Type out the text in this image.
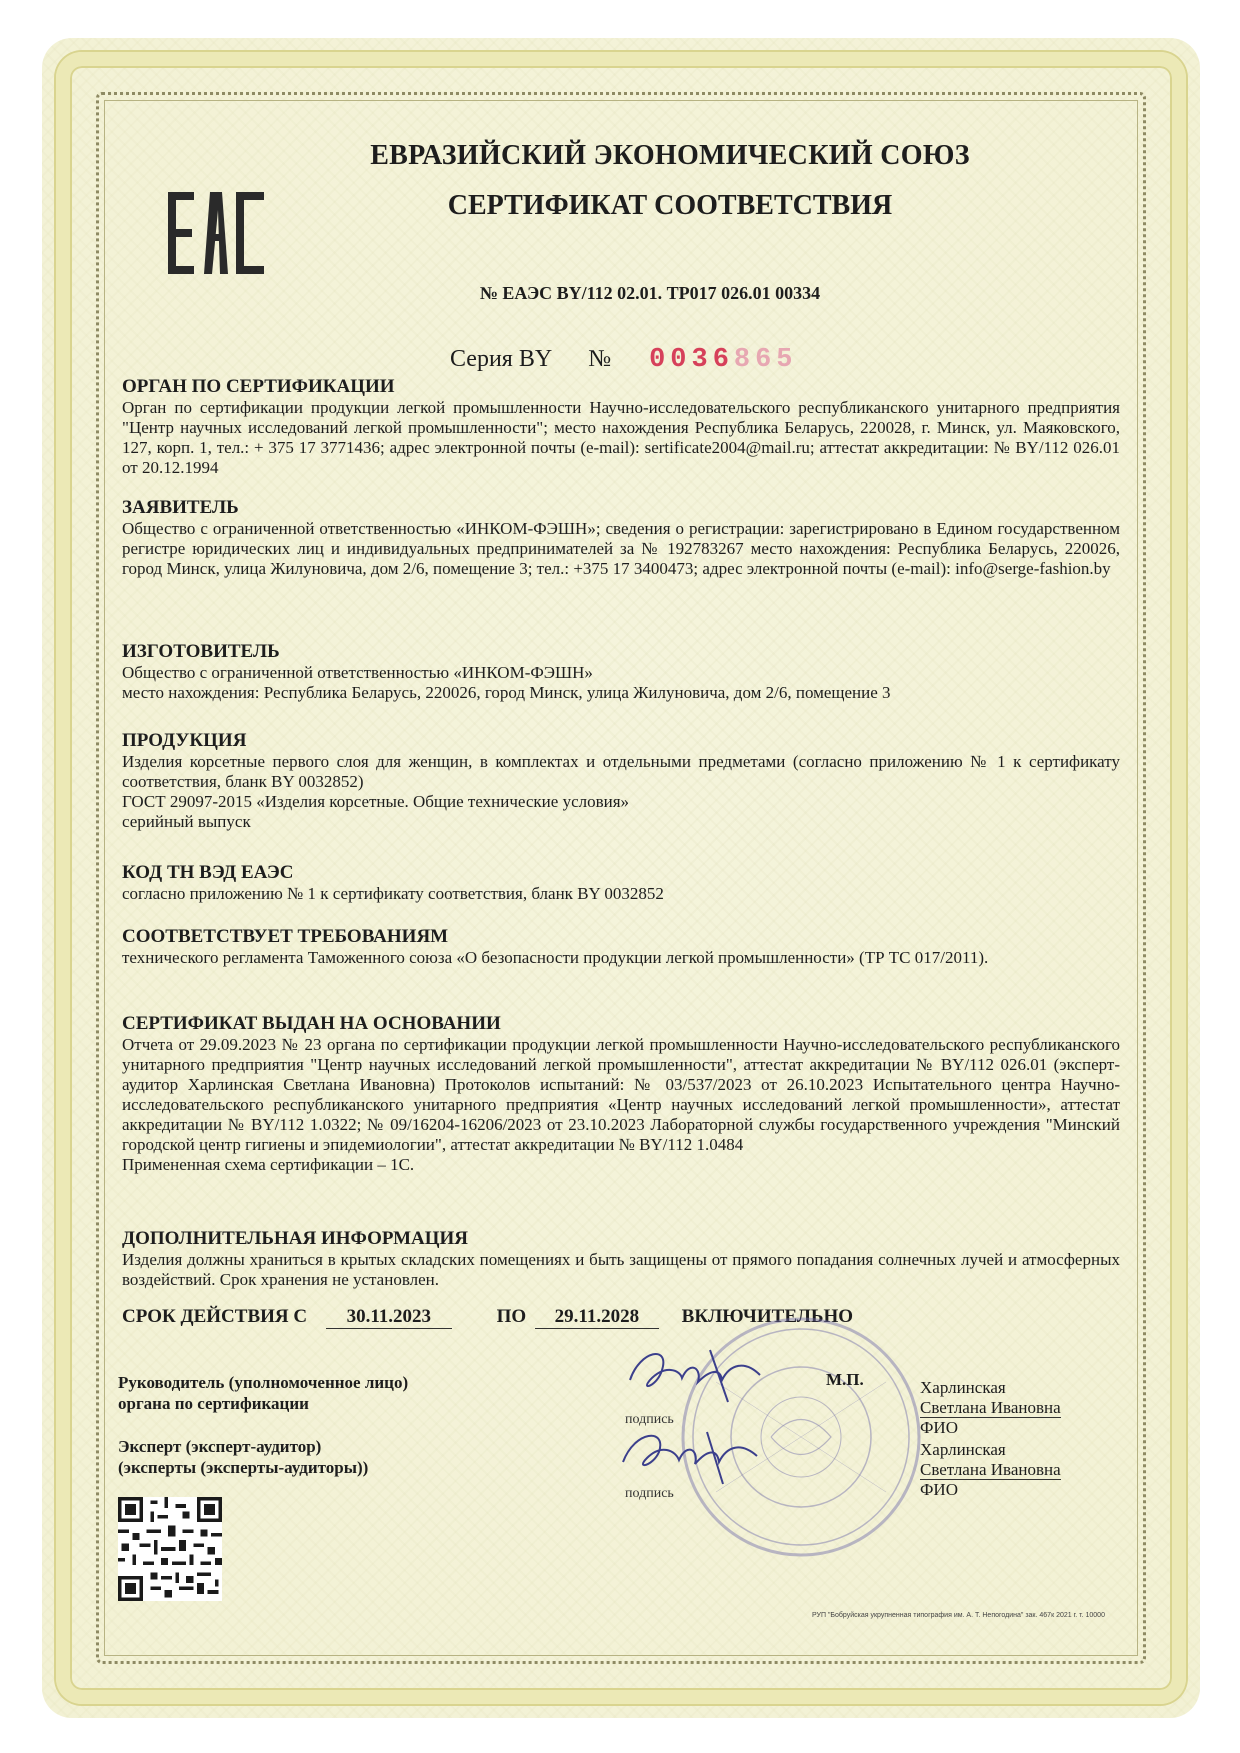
ЕВРАЗИЙСКИЙ ЭКОНОМИЧЕСКИЙ СОЮЗ
СЕРТИФИКАТ СООТВЕТСТВИЯ
№ ЕАЭС BY/112 02.01. ТР017 026.01 00334
Серия BY № 0036865
ОРГАН ПО СЕРТИФИКАЦИИ
Орган по сертификации продукции легкой промышленности Научно-исследовательского республиканского унитарного предприятия "Центр научных исследований легкой промышленности"; место нахождения Республика Беларусь, 220028, г. Минск, ул. Маяковского, 127, корп. 1, тел.: + 375 17 3771436; адрес электронной почты (e-mail): sertificate2004@mail.ru; аттестат аккредитации: № BY/112 026.01 от 20.12.1994
ЗАЯВИТЕЛЬ
Общество с ограниченной ответственностью «ИНКОМ-ФЭШН»; сведения о регистрации: зарегистрировано в Едином государственном регистре юридических лиц и индивидуальных предпринимателей за № 192783267 место нахождения: Республика Беларусь, 220026, город Минск, улица Жилуновича, дом 2/6, помещение 3; тел.: +375 17 3400473; адрес электронной почты (e-mail): info@serge-fashion.by
ИЗГОТОВИТЕЛЬ

Общество с ограниченной ответственностью «ИНКОМ-ФЭШН»

место нахождения: Республика Беларусь, 220026, город Минск, улица Жилуновича, дом 2/6, помещение 3

ПРОДУКЦИЯ

Изделия корсетные первого слоя для женщин, в комплектах и отдельными предметами (согласно приложению № 1 к сертификату соответствия, бланк BY 0032852)

ГОСТ 29097-2015 «Изделия корсетные. Общие технические условия»

серийный выпуск

КОД ТН ВЭД ЕАЭС
согласно приложению № 1 к сертификату соответствия, бланк BY 0032852
СООТВЕТСТВУЕТ ТРЕБОВАНИЯМ
технического регламента Таможенного союза «О безопасности продукции легкой промышленности» (ТР ТС 017/2011).
СЕРТИФИКАТ ВЫДАН НА ОСНОВАНИИ

Отчета от 29.09.2023 № 23 органа по сертификации продукции легкой промышленности Научно-исследовательского республиканского унитарного предприятия "Центр научных исследований легкой промышленности", аттестат аккредитации № BY/112 026.01 (эксперт-аудитор Харлинская Светлана Ивановна) Протоколов испытаний: № 03/537/2023 от 26.10.2023 Испытательного центра Научно-исследовательского республиканского унитарного предприятия «Центр научных исследований легкой промышленности», аттестат аккредитации № BY/112 1.0322; № 09/16204-16206/2023 от 23.10.2023 Лабораторной службы государственного учреждения "Минский городской центр гигиены и эпидемиологии", аттестат аккредитации № BY/112 1.0484

Примененная схема сертификации – 1С.

ДОПОЛНИТЕЛЬНАЯ ИНФОРМАЦИЯ
Изделия должны храниться в крытых складских помещениях и быть защищены от прямого попадания солнечных лучей и атмосферных воздействий. Срок хранения не установлен.
СРОК ДЕЙСТВИЯ С 30.11.2023	ПО 29.11.2028 ВКЛЮЧИТЕЛЬНО
Руководитель (уполномоченное лицо)
органа по сертификации
Эксперт (эксперт-аудитор)
(эксперты (эксперты-аудиторы))
подпись
подпись
М.П.	Харлинская
Светлана Ивановна
ФИО
Харлинская
Светлана Ивановна
ФИО
РУП "Бобруйская укрупненная типография им. А. Т. Непогодина" зак. 467к 2021 г. т. 10000
